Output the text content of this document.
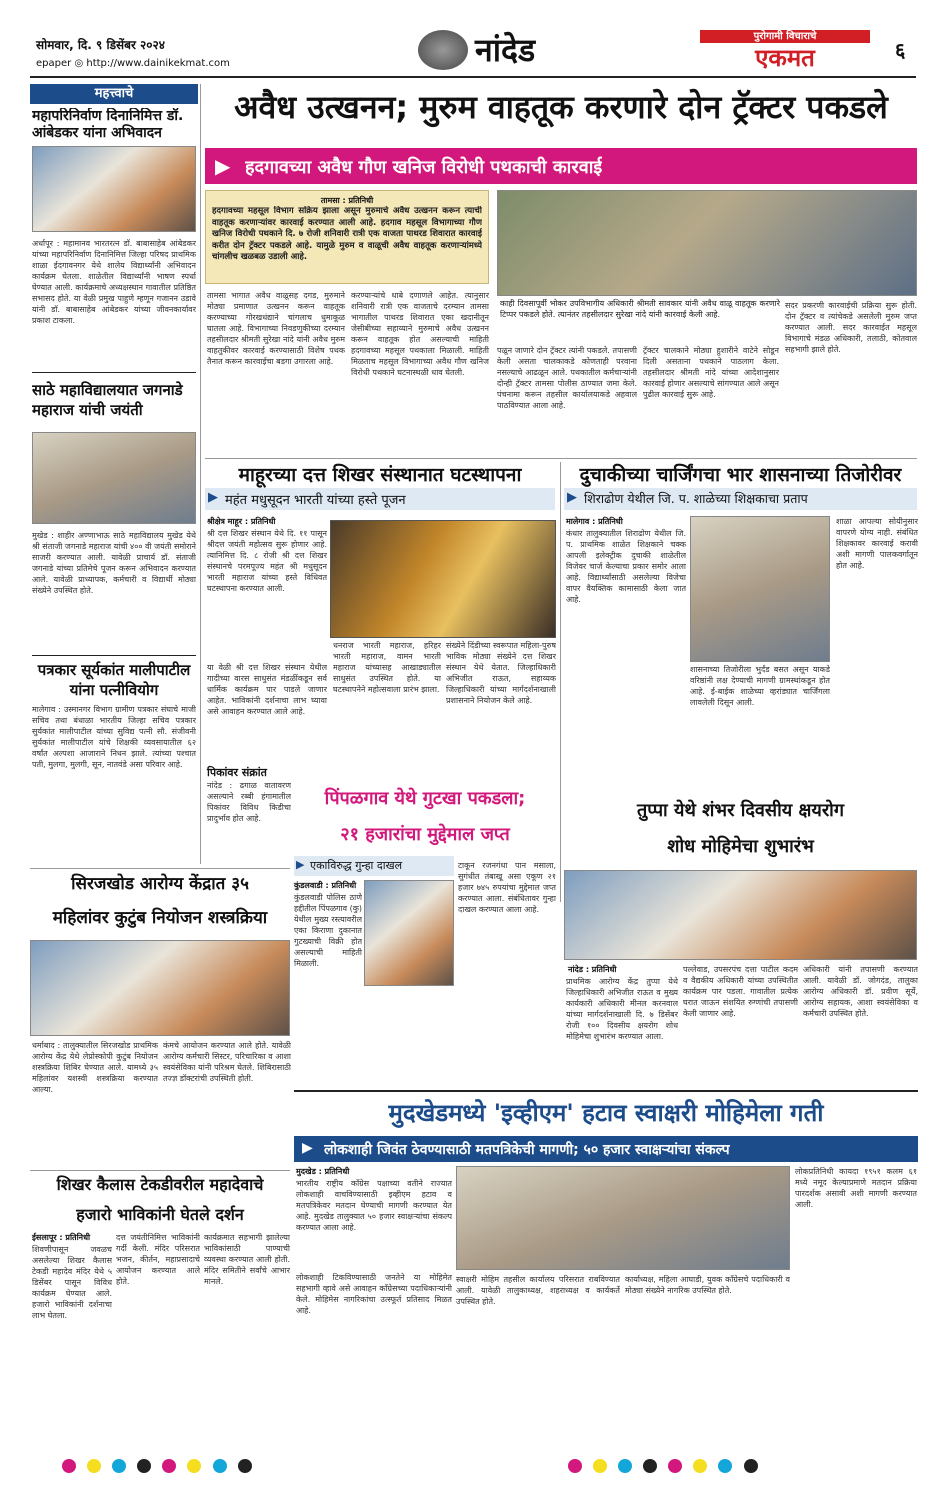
सोमवार, दि. ९ डिसेंबर २०२४
epaper ◎ http://www.dainikekmat.com	नांदेड	पुरोगामी विचाराचे
एकमत	६
महत्त्वाचे
महापरिनिर्वाण दिनानिमित्त डॉ. आंबेडकर यांना अभिवादन
अर्धापूर : महामानव भारतरत्न डॉ. बाबासाहेब आंबेडकर यांच्या महापरिनिर्वाण दिनानिमित्त जिल्हा परिषद प्राथमिक शाळा ईदगावनगर येथे शालेय विद्यार्थ्यांनी अभिवादन कार्यक्रम घेतला. शाळेतील विद्यार्थ्यांनी भाषण स्पर्धा घेण्यात आली. कार्यक्रमाचे अध्यक्षस्थान गावातील प्रतिष्ठित सभासद होते. या वेळी प्रमुख पाहुणे म्हणून गजानन उडावे यांनी डॉ. बाबासाहेब आंबेडकर यांच्या जीवनकार्यावर प्रकाश टाकला.
साठे महाविद्यालयात जगनाडे महाराज यांची जयंती
मुखेड : शाहीर अण्णाभाऊ साठे महाविद्यालय मुखेड येथे श्री संताजी जगनाडे महाराज यांची ४०० वी जयंती समोराने साजरी करण्यात आली. यावेळी प्राचार्य डॉ. संताजी जगनाडे यांच्या प्रतिमेचे पूजन करून अभिवादन करण्यात आले. यावेळी प्राध्यापक, कर्मचारी व विद्यार्थी मोठ्या संख्येने उपस्थित होते.
पत्रकार सूर्यकांत मालीपाटील यांना पत्नीवियोग
मालेगाव : उस्मानगर विभाग ग्रामीण पत्रकार संघाचे माजी सचिव तथा बंधाळा भारतीय जिल्हा सचिव पत्रकार सुर्यकांत मालीपाटील यांच्या सुविद्य पत्नी सौ. संजीवनी सुर्यकांत मालीपाटील यांचे शिक्षकी व्यवसायातील ६२ वर्षांत अल्पशा आजाराने निधन झाले. त्यांच्या पश्चात पती, मुलगा, मुलगी, सून, नातवंडे असा परिवार आहे.
अवैध उत्खनन; मुरुम वाहतूक करणारे दोन ट्रॅक्टर पकडले
▶ हदगावच्या अवैध गौण खनिज विरोधी पथकाची कारवाई
तामसा : प्रतिनिधी
हदगावच्या महसूल विभाग सक्रिय झाला असून मुरुमाचे अवैध उत्खनन करून त्याची वाहतूक करणाऱ्यांवर कारवाई करण्यात आली आहे. हदगाव महसूल विभागाच्या गौण खनिज विरोधी पथकाने दि. ७ रोजी शनिवारी रात्री एक वाजता पाथरड शिवारात कारवाई करीत दोन ट्रॅक्टर पकडले आहे. यामुळे मुरुम व वाळूची अवैध वाहतूक करणाऱ्यांमध्ये चांगलीच खळबळ उडाली आहे.
तामसा भागात अवैध वाळूसह दगड, मुरुमाने मोठ्या प्रमाणात उत्खनन करून वाहतूक करण्याच्या गोरखधंद्याने चांगलाच धुमाकूळ घातला आहे. विभागाच्या निवडणुकीच्या दरम्यान तहसीलदार श्रीमती सुरेखा नांदे यांनी अवैध मुरुम वाहतुकीवर कारवाई करण्यासाठी विशेष पथक तैनात करून कारवाईचा बडगा उगारला आहे.
करण्याऱ्यांचे धाबे दणाणले आहेत. त्यानुसार शनिवारी रात्री एक वाजताचे दरम्यान तामसा भागातील पाथरड शिवारात एका खदानीतून जेसीबीच्या सहाय्याने मुरुमाचे अवैध उत्खनन करून वाहतूक होत असल्याची माहिती हदगावच्या महसूल पथकाला मिळाली. माहिती मिळताच महसूल विभागाच्या अवैध गौण खनिज विरोधी पथकाने घटनास्थळी धाव घेतली.
काही दिवसापूर्वी भोकर उपविभागीय अधिकारी श्रीमती सावकार यांनी अवैध वाळू वाहतूक करणारे टिप्पर पकडले होते. त्यानंतर तहसीलदार सुरेखा नांदे यांनी कारवाई केली आहे.
पळून जाणारे दोन ट्रॅक्टर त्यांनी पकडले. तपासणी केली असता चालकाकडे कोणताही परवाना नसल्याचे आढळून आले. पथकातील कर्मचाऱ्यांनी दोन्ही ट्रॅक्टर तामसा पोलीस ठाण्यात जमा केले. पंचनामा करून तहसील कार्यालयाकडे अहवाल पाठविण्यात आला आहे.
ट्रॅक्टर चालकाने मोठ्या हुशारीने वाटेने सोडून दिली असताना पथकाने पाठलाग केला. तहसीलदार श्रीमती नांदे यांच्या आदेशानुसार कारवाई होणार असल्याचे सांगण्यात आले असून पुढील कारवाई सुरू आहे.
सदर प्रकरणी कारवाईची प्रक्रिया सुरू होती. दोन ट्रॅक्टर व त्यांचेकडे असलेली मुरुम जप्त करण्यात आली. सदर कारवाईत महसूल विभागाचे मंडळ अधिकारी, तलाठी, कोतवाल सहभागी झाले होते.
माहूरच्या दत्त शिखर संस्थानात घटस्थापना
▶ महंत मधुसूदन भारती यांच्या हस्ते पूजन
श्रीक्षेत्र माहूर : प्रतिनिधी
श्री दत्त शिखर संस्थान येथे दि. ११ पासून श्रीदत्त जयंती महोत्सव सुरू होणार आहे. त्यानिमित्त दि. ८ रोजी श्री दत्त शिखर संस्थानचे परमपूज्य महंत श्री मधुसूदन भारती महाराज यांच्या हस्ते विधिवत घटस्थापना करण्यात आली.
या वेळी श्री दत्त शिखर संस्थान येथील गादीच्या वारस साधुसंत मंडळींकडून सर्व धार्मिक कार्यक्रम पार पाडले जाणार आहेत. भाविकांनी दर्शनाचा लाभ घ्यावा असे आवाहन करण्यात आले आहे.
धनराज भारती महाराज, हरिहर भारती महाराज, वामन भारती महाराज यांच्यासह आखाड्यातील साधुसंत उपस्थित होते. या घटस्थापनेने महोत्सवाला प्रारंभ झाला.
संख्येने दिंडीच्या स्वरूपात महिला-पुरुष भाविक मोठ्या संख्येने दत्त शिखर संस्थान येथे येतात. जिल्हाधिकारी अभिजीत राऊत, सहाय्यक जिल्हाधिकारी यांच्या मार्गदर्शनाखाली प्रशासनाने नियोजन केले आहे.
पिकांवर संक्रांत
नांदेड : ढगाळ वातावरण असल्याने रब्बी हंगामातील पिकांवर विविध किडीचा प्रादुर्भाव होत आहे.
पिंपळगाव येथे गुटखा पकडला;
२१ हजारांचा मुद्देमाल जप्त
▶ एकाविरुद्ध गुन्हा दाखल
कुंडलवाडी : प्रतिनिधी
कुंडलवाडी पोलिस ठाणे हद्दीतील पिंपळगाव (कु) येथील मुख्य रस्त्यावरील एका किराणा दुकानात गुटख्याची विक्री होत असल्याची माहिती मिळाली.
टाकून रजनगंधा पान मसाला, सुगंधीत तंबाखू असा एकूण २१ हजार ७४५ रुपयांचा मुद्देमाल जप्त करण्यात आला. संबंधितावर गुन्हा दाखल करण्यात आला आहे.
दुचाकीच्या चार्जिंगचा भार शासनाच्या तिजोरीवर
▶ शिराढोण येथील जि. प. शाळेच्या शिक्षकाचा प्रताप
मालेगाव : प्रतिनिधी
कंधार तालुक्यातील शिराढोण येथील जि. प. प्राथमिक शाळेत शिक्षकाने चक्क आपली इलेक्ट्रीक दुचाकी शाळेतील विजेवर चार्ज केल्याचा प्रकार समोर आला आहे. विद्यार्थ्यांसाठी असलेल्या विजेचा वापर वैयक्तिक कामासाठी केला जात आहे.
शासनाच्या तिजोरीला भुर्दंड बसत असून याकडे वरिष्ठांनी लक्ष देण्याची मागणी ग्रामस्थांकडून होत आहे. ई-बाईक शाळेच्या व्हरांड्यात चार्जिंगला लावलेली दिसून आली.
शाळा आपल्या सोयीनुसार वापरणे योग्य नाही. संबंधित शिक्षकावर कारवाई करावी अशी मागणी पालकवर्गातून होत आहे.
तुप्पा येथे शंभर दिवसीय क्षयरोग
शोध मोहिमेचा शुभारंभ
नांदेड : प्रतिनिधी
प्राथमिक आरोग्य केंद्र तुप्पा येथे जिल्हाधिकारी अभिजीत राऊत व मुख्य कार्यकारी अधिकारी मीनल करनवाल यांच्या मार्गदर्शनाखाली दि. ७ डिसेंबर रोजी १०० दिवसीय क्षयरोग शोध मोहिमेचा शुभारंभ करण्यात आला.
पल्लेवाड, उपसरपंच दत्ता पाटील कदम व वैद्यकीय अधिकारी यांच्या उपस्थितीत कार्यक्रम पार पडला. गावातील प्रत्येक घरात जाऊन संशयित रुग्णांची तपासणी केली जाणार आहे.
अधिकारी यांनी तपासणी करण्यात आली. यावेळी डॉ. जोगदंड, तालुका आरोग्य अधिकारी डॉ. प्रवीण सूर्ये, आरोग्य सहायक, आशा स्वयंसेविका व कर्मचारी उपस्थित होते.
सिरजखोड आरोग्य केंद्रात ३५
महिलांवर कुटुंब नियोजन शस्त्रक्रिया
धर्माबाद : तालुक्यातील सिरजखोड प्राथमिक आरोग्य केंद्र येथे लेप्रोस्कोपी कुटुंब नियोजन शस्त्रक्रिया शिबिर घेण्यात आले. यामध्ये ३५ महिलांवर यशस्वी शस्त्रक्रिया करण्यात आल्या.
कंमचे आयोजन करण्यात आले होते. यावेळी आरोग्य कर्मचारी सिस्टर, परिचारिका व आशा स्वयंसेविका यांनी परिश्रम घेतले. शिबिरासाठी तज्ज्ञ डॉक्टरांची उपस्थिती होती.
मुदखेडमध्ये 'इव्हीएम' हटाव स्वाक्षरी मोहिमेला गती
▶ लोकशाही जिवंत ठेवण्यासाठी मतपत्रिकेची मागणी; ५० हजार स्वाक्षऱ्यांचा संकल्प
शिखर कैलास टेकडीवरील महादेवाचे
हजारो भाविकांनी घेतले दर्शन
ईसलापूर : प्रतिनिधी
शिवणीपासून जवळच असलेल्या शिखर कैलास टेकडी महादेव मंदिर येथे ५ डिसेंबर पासून विविध कार्यक्रम घेण्यात आले. हजारो भाविकांनी दर्शनाचा लाभ घेतला.
दत्त जयंतीनिमित्त भाविकांनी गर्दी केली. मंदिर परिसरात भजन, कीर्तन, महाप्रसादाचे आयोजन करण्यात आले होते.
कार्यक्रमात सहभागी झालेल्या भाविकांसाठी पाण्याची व्यवस्था करण्यात आली होती. मंदिर समितीने सर्वांचे आभार मानले.
मुदखेड : प्रतिनिधी
भारतीय राष्ट्रीय काँग्रेस पक्षाच्या वतीने राज्यात लोकशाही वाचविण्यासाठी इव्हीएम हटाव व मतपत्रिकेवर मतदान घेण्याची मागणी करण्यात येत आहे. मुदखेड तालुक्यात ५० हजार स्वाक्षऱ्यांचा संकल्प करण्यात आला आहे.
लोकशाही टिकविण्यासाठी जनतेने या मोहिमेत सहभागी व्हावे असे आवाहन काँग्रेसच्या पदाधिकाऱ्यांनी केले. मोहिमेस नागरिकांचा उत्स्फूर्त प्रतिसाद मिळत आहे.
स्वाक्षरी मोहिम तहसील कार्यालय परिसरात राबविण्यात आली. यावेळी तालुकाध्यक्ष, शहराध्यक्ष व कार्यकर्ते उपस्थित होते.
कार्याध्यक्ष, महिला आघाडी, युवक काँग्रेसचे पदाधिकारी व मोठ्या संख्येने नागरिक उपस्थित होते.
लोकप्रतिनिधी कायदा १९५१ कलम ६१ मध्ये नमूद केल्याप्रमाणे मतदान प्रक्रिया पारदर्शक असावी अशी मागणी करण्यात आली.
